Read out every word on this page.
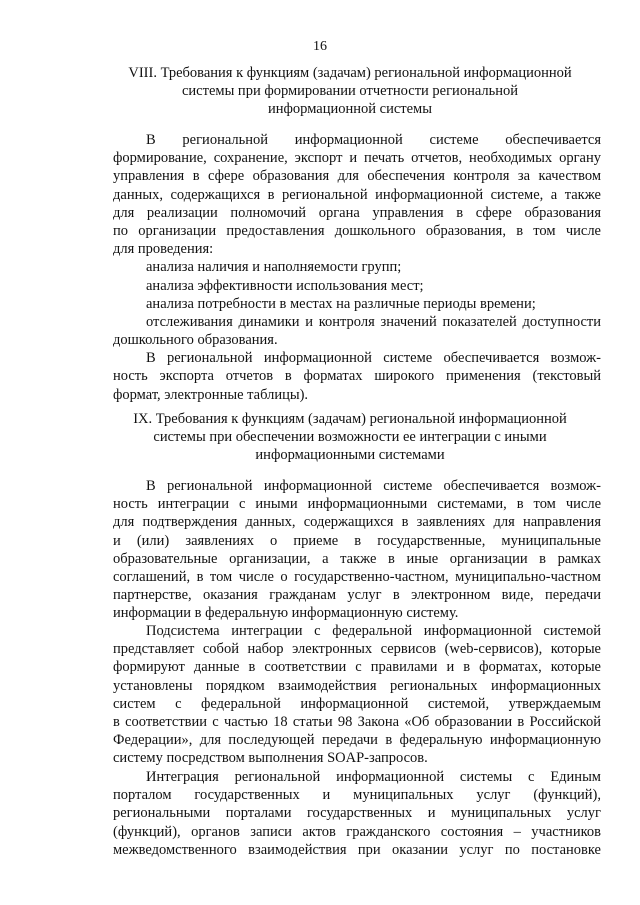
16
VIII. Требования к функциям (задачам) региональной информационной
системы при формировании отчетности региональной
информационной системы
В региональной информационной системе обеспечивается
формирование, сохранение, экспорт и печать отчетов, необходимых органу
управления в сфере образования для обеспечения контроля за качеством
данных, содержащихся в региональной информационной системе, а также
для реализации полномочий органа управления в сфере образования
по организации предоставления дошкольного образования, в том числе
для проведения:
анализа наличия и наполняемости групп;
анализа эффективности использования мест;
анализа потребности в местах на различные периоды времени;
отслеживания динамики и контроля значений показателей доступности
дошкольного образования.
В региональной информационной системе обеспечивается возмож-
ность экспорта отчетов в форматах широкого применения (текстовый
формат, электронные таблицы).
IX. Требования к функциям (задачам) региональной информационной
системы при обеспечении возможности ее интеграции с иными
информационными системами
В региональной информационной системе обеспечивается возмож-
ность интеграции с иными информационными системами, в том числе
для подтверждения данных, содержащихся в заявлениях для направления
и (или) заявлениях о приеме в государственные, муниципальные
образовательные организации, а также в иные организации в рамках
соглашений, в том числе о государственно-частном, муниципально-частном
партнерстве, оказания гражданам услуг в электронном виде, передачи
информации в федеральную информационную систему.
Подсистема интеграции с федеральной информационной системой
представляет собой набор электронных сервисов (web-сервисов), которые
формируют данные в соответствии с правилами и в форматах, которые
установлены порядком взаимодействия региональных информационных
систем с федеральной информационной системой, утверждаемым
в соответствии с частью 18 статьи 98 Закона «Об образовании в Российской
Федерации», для последующей передачи в федеральную информационную
систему посредством выполнения SOAP-запросов.
Интеграция региональной информационной системы с Единым
порталом государственных и муниципальных услуг (функций),
региональными порталами государственных и муниципальных услуг
(функций), органов записи актов гражданского состояния – участников
межведомственного взаимодействия при оказании услуг по постановке
